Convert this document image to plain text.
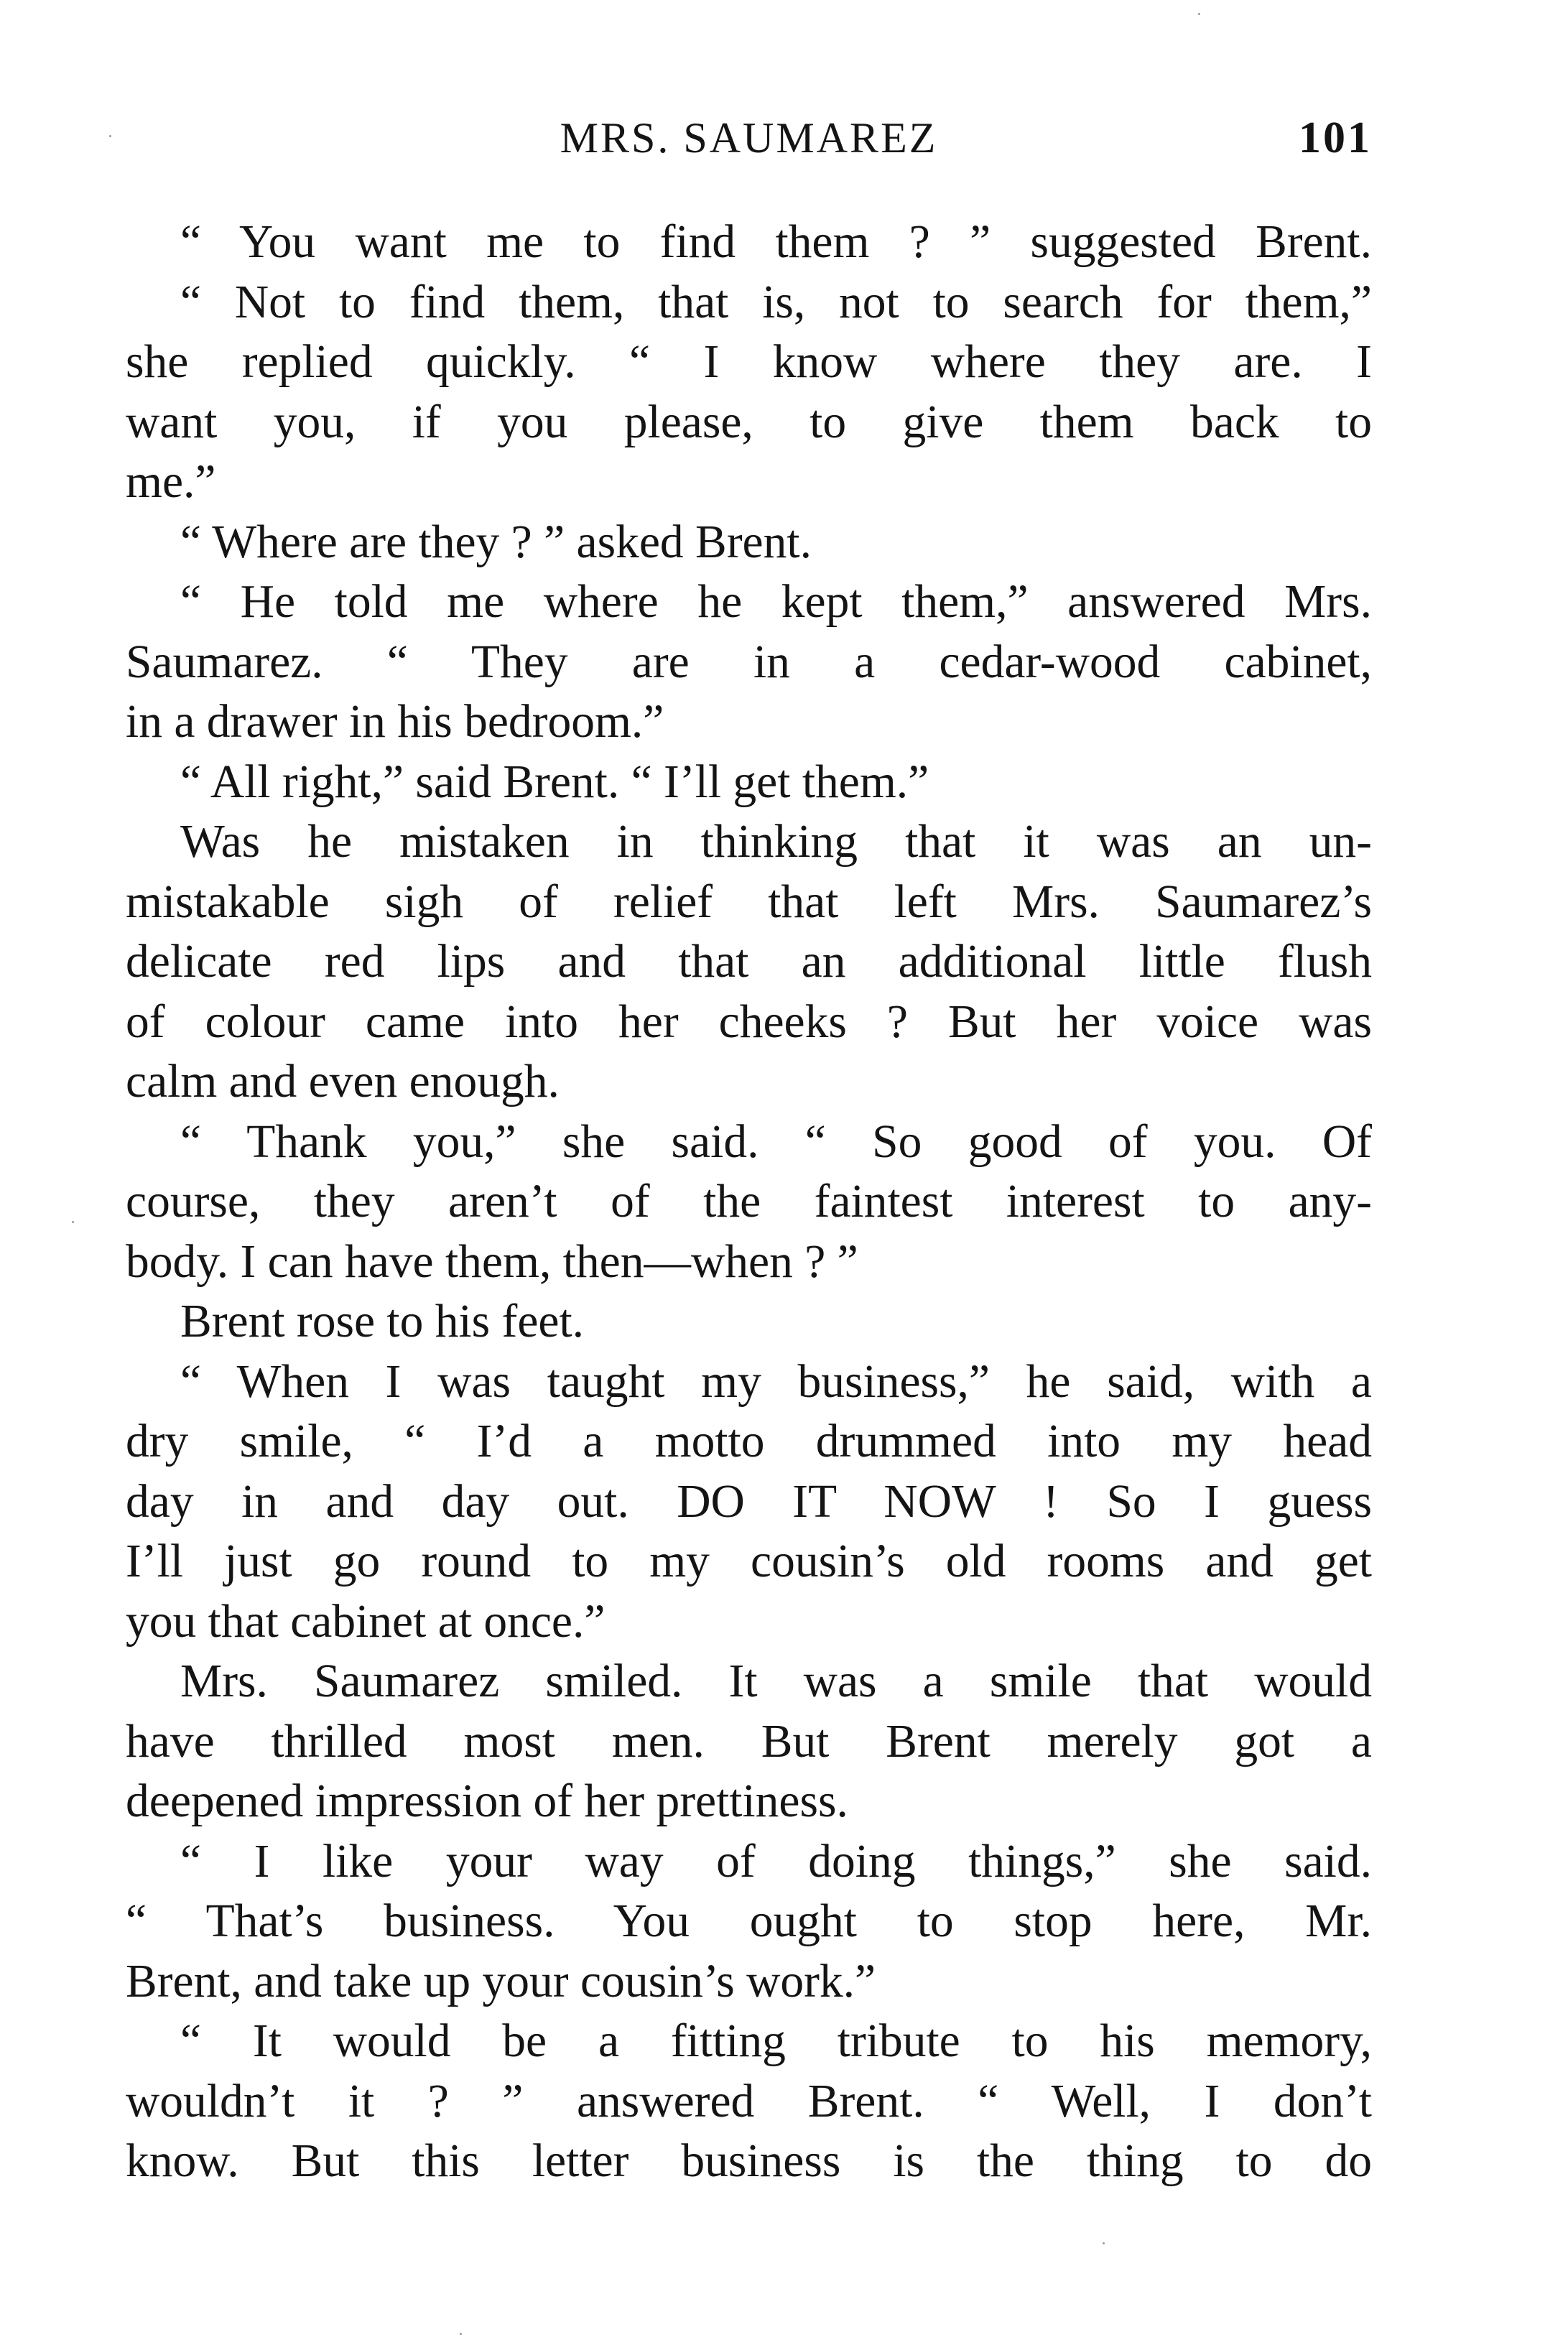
MRS. SAUMAREZ	101
“ You want me to find them ? ” suggested Brent.
“ Not to find them, that is, not to search for them,”
she replied quickly. “ I know where they are. I
want you, if you please, to give them back to
me.”
“ Where are they ? ” asked Brent.
“ He told me where he kept them,” answered Mrs.
Saumarez. “ They are in a cedar-wood cabinet,
in a drawer in his bedroom.”
“ All right,” said Brent. “ I’ll get them.”
Was he mistaken in thinking that it was an un-
mistakable sigh of relief that left Mrs. Saumarez’s
delicate red lips and that an additional little flush
of colour came into her cheeks ? But her voice was
calm and even enough.
“ Thank you,” she said. “ So good of you. Of
course, they aren’t of the faintest interest to any-
body. I can have them, then—when ? ”
Brent rose to his feet.
“ When I was taught my business,” he said, with a
dry smile, “ I’d a motto drummed into my head
day in and day out. DO IT NOW ! So I guess
I’ll just go round to my cousin’s old rooms and get
you that cabinet at once.”
Mrs. Saumarez smiled. It was a smile that would
have thrilled most men. But Brent merely got a
deepened impression of her prettiness.
“ I like your way of doing things,” she said.
“ That’s business. You ought to stop here, Mr.
Brent, and take up your cousin’s work.”
“ It would be a fitting tribute to his memory,
wouldn’t it ? ” answered Brent. “ Well, I don’t
know. But this letter business is the thing to do
